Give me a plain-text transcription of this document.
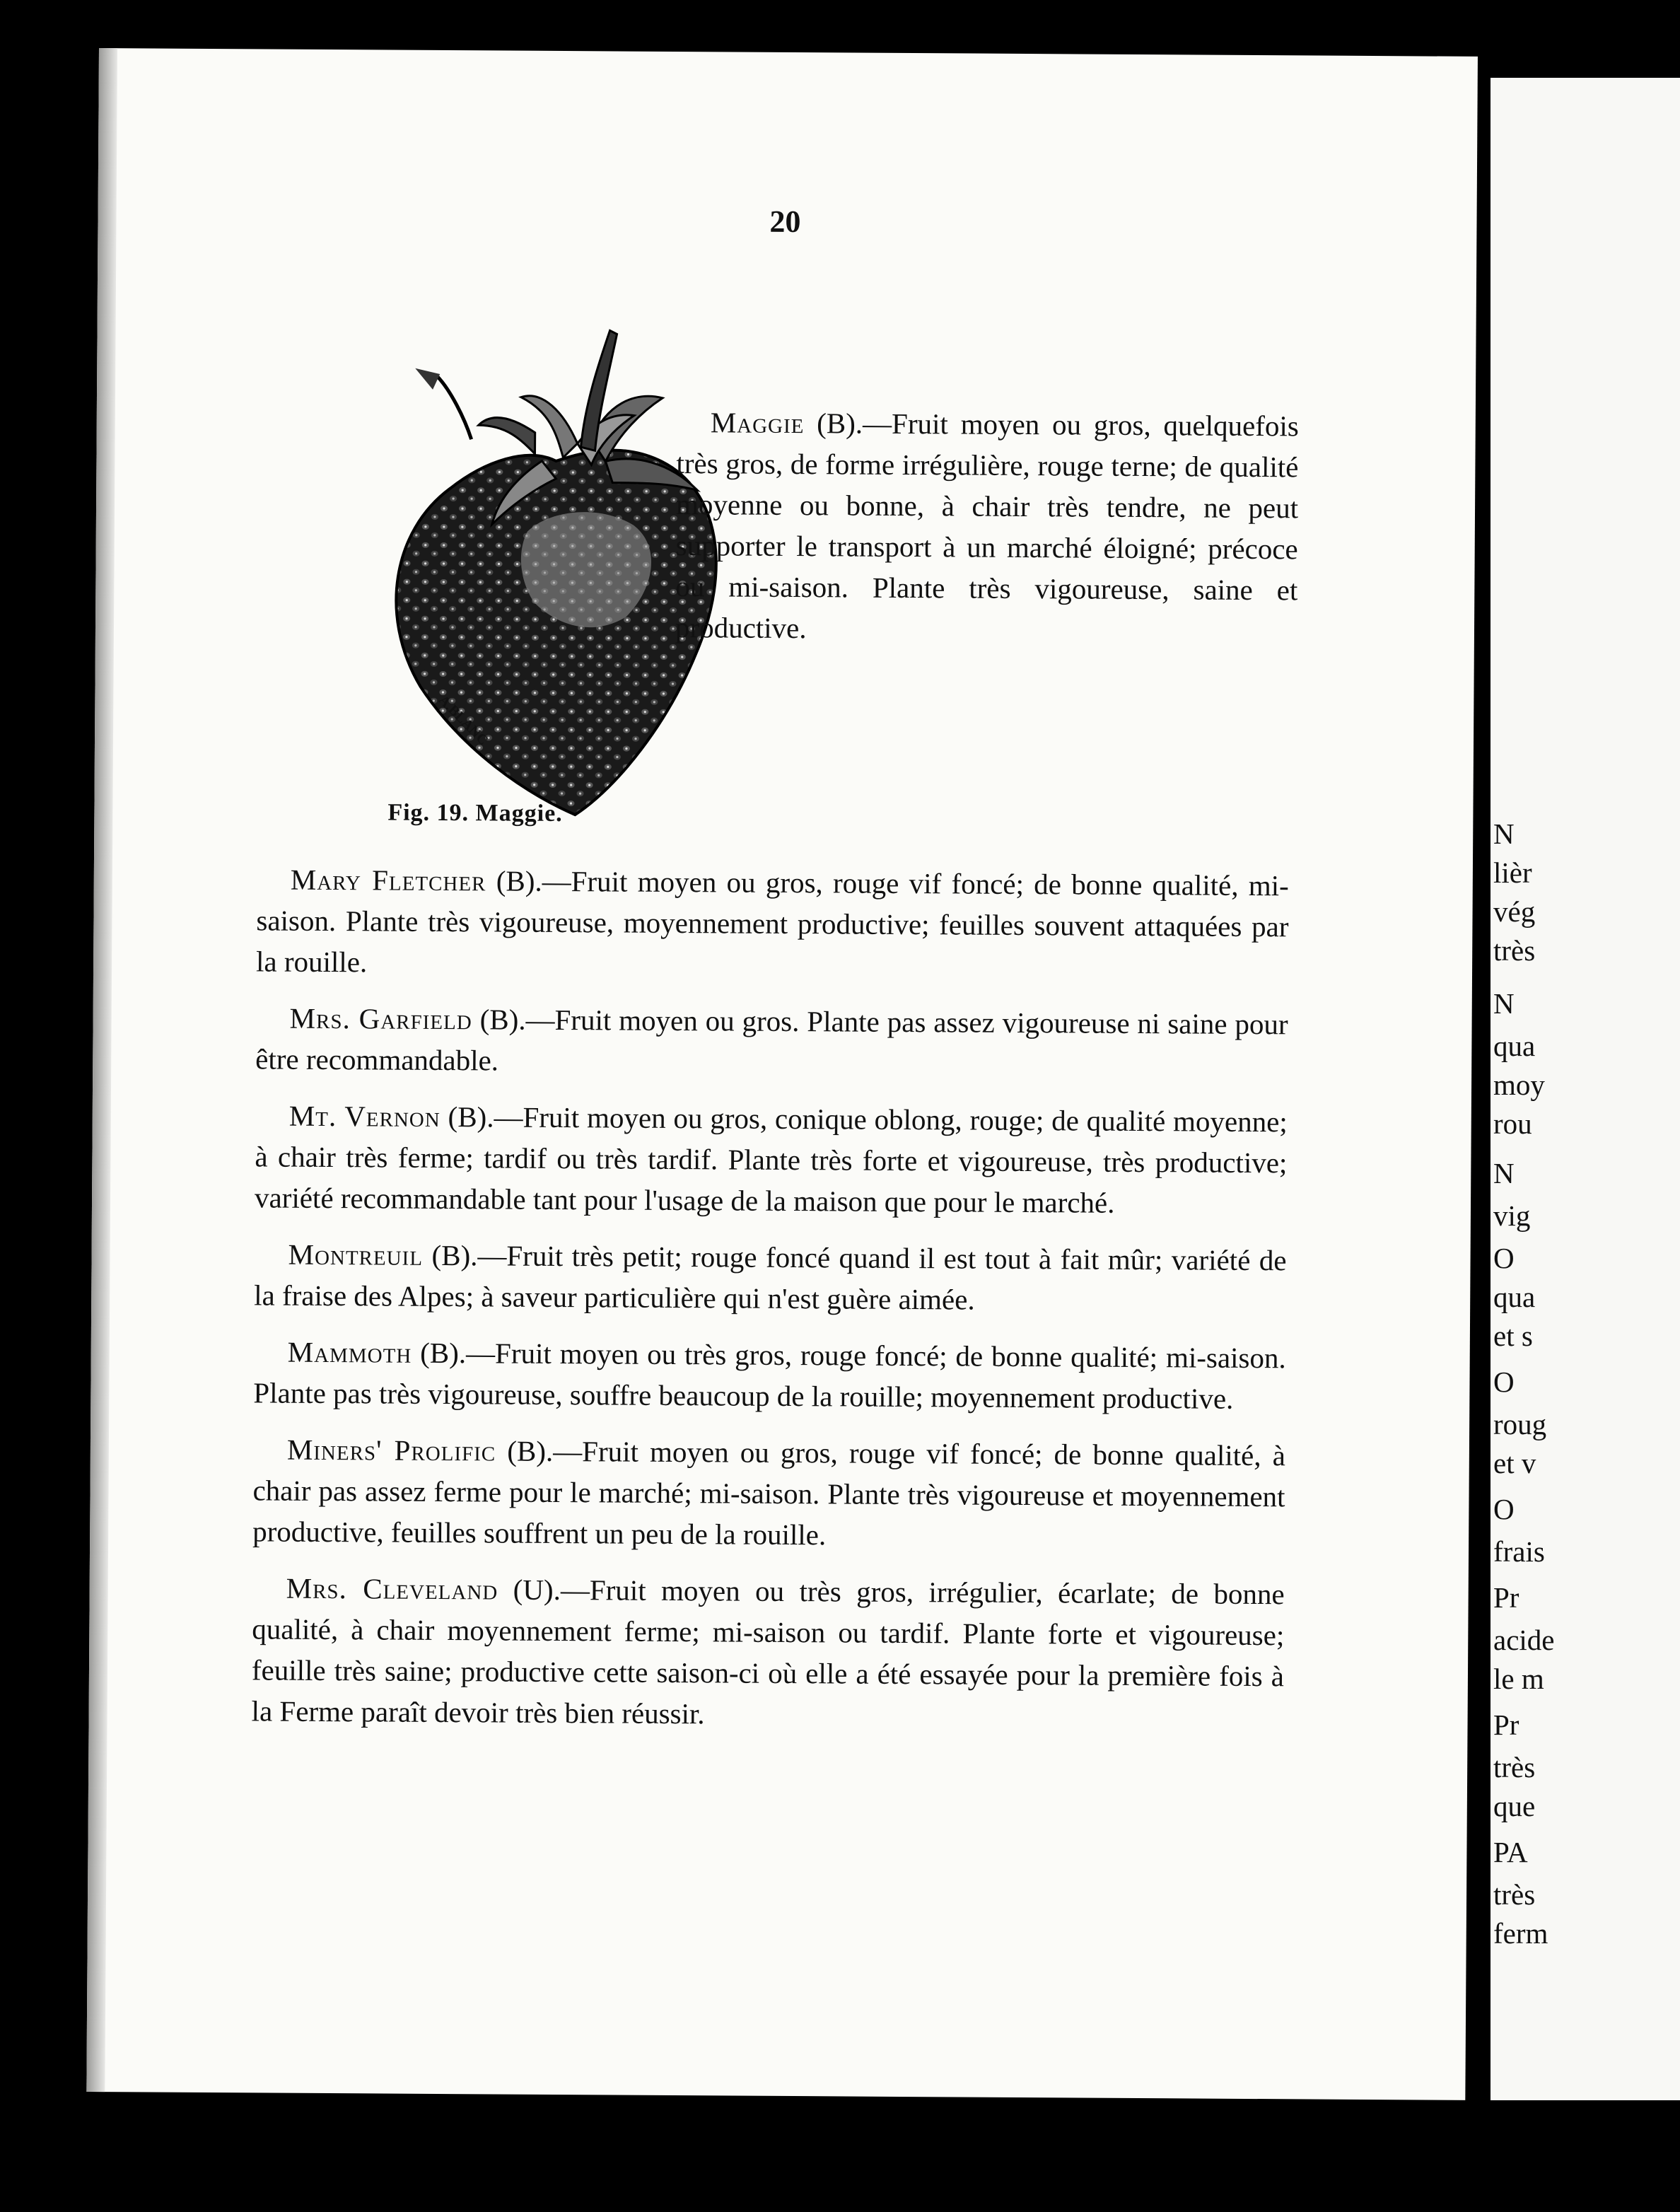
20
A.BLANC
Fig. 19. Maggie.

Maggie (B).—Fruit moyen ou gros, quelquefois très gros, de forme irrégulière, rouge terne; de qualité moyenne ou bonne, à chair très tendre, ne peut supporter le transport à un marché éloigné; précoce ou mi-saison. Plante très vigoureuse, saine et productive.

Mary Fletcher (B).—Fruit moyen ou gros, rouge vif foncé; de bonne qualité, mi-saison. Plante très vigoureuse, moyennement productive; feuilles souvent attaquées par la rouille.

Mrs. Garfield (B).—Fruit moyen ou gros. Plante pas assez vigoureuse ni saine pour être recommandable.

Mt. Vernon (B).—Fruit moyen ou gros, conique oblong, rouge; de qualité moyenne; à chair très ferme; tardif ou très tardif. Plante très forte et vigoureuse, très productive; variété recommandable tant pour l'usage de la maison que pour le marché.

Montreuil (B).—Fruit très petit; rouge foncé quand il est tout à fait mûr; variété de la fraise des Alpes; à saveur particulière qui n'est guère aimée.

Mammoth (B).—Fruit moyen ou très gros, rouge foncé; de bonne qualité; mi-saison. Plante pas très vigoureuse, souffre beaucoup de la rouille; moyennement productive.

Miners' Prolific (B).—Fruit moyen ou gros, rouge vif foncé; de bonne qualité, à chair pas assez ferme pour le marché; mi-saison. Plante très vigoureuse et moyennement productive, feuilles souffrent un peu de la rouille.

Mrs. Cleveland (U).—Fruit moyen ou très gros, irrégulier, écarlate; de bonne qualité, à chair moyennement ferme; mi-saison ou tardif. Plante forte et vigoureuse; feuille très saine; productive cette saison-ci où elle a été essayée pour la première fois à la Ferme paraît devoir très bien réussir.

N
lièr
vég
très
N
qua
moy
rou
N
vig
O
qua
et s
O
roug
et v
O
frais
Pr
acide
le m
Pr
très
que
PA
très
ferm
